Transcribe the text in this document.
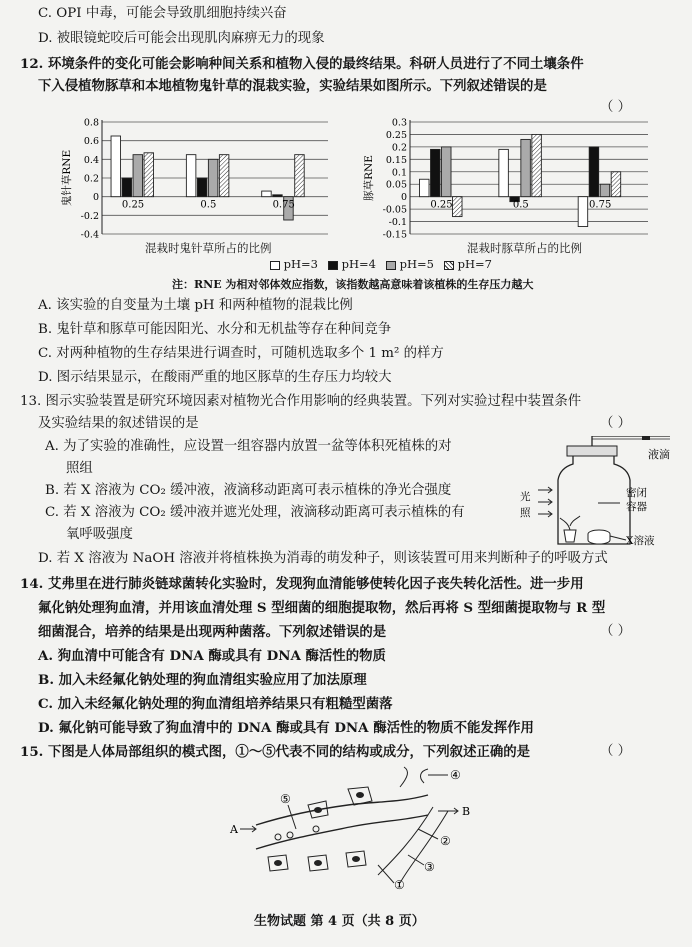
C. OPI 中毒，可能会导致肌细胞持续兴奋
D. 被眼镜蛇咬后可能会出现肌肉麻痹无力的现象
12. 环境条件的变化可能会影响种间关系和植物入侵的最终结果。科研人员进行了不同土壤条件
下入侵植物豚草和本地植物鬼针草的混栽实验，实验结果如图所示。下列叙述错误的是
（ ）
鬼针草RNE
0.8
0.6
0.4
0.2
0
-0.2
-0.4
0.25	0.5	0.75
豚草RNE
0.3
0.25
0.2
0.15
0.1
0.05
0
-0.05
-0.1
-0.15
0.25	0.5	0.75
混栽时鬼针草所占的比例	混栽时豚草所占的比例
pH=3	pH=4	pH=5	pH=7
注：RNE 为相对邻体效应指数，该指数越高意味着该植株的生存压力越大
A. 该实验的自变量为土壤 pH 和两种植物的混栽比例
B. 鬼针草和豚草可能因阳光、水分和无机盐等存在种间竞争
C. 对两种植物的生存结果进行调查时，可随机选取多个 1 m² 的样方
D. 图示结果显示，在酸雨严重的地区豚草的生存压力均较大
13. 图示实验装置是研究环境因素对植物光合作用影响的经典装置。下列对实验过程中装置条件
及实验结果的叙述错误的是	（ ）
A. 为了实验的准确性，应设置一组容器内放置一盆等体积死植株的对
照组
B. 若 X 溶液为 CO₂ 缓冲液，液滴移动距离可表示植株的净光合强度
C. 若 X 溶液为 CO₂ 缓冲液并遮光处理，液滴移动距离可表示植株的有
氧呼吸强度
D. 若 X 溶液为 NaOH 溶液并将植株换为消毒的萌发种子，则该装置可用来判断种子的呼吸方式
液滴
密闭
容器
光
照
X溶液
14. 艾弗里在进行肺炎链球菌转化实验时，发现狗血清能够使转化因子丧失转化活性。进一步用
氟化钠处理狗血清，并用该血清处理 S 型细菌的细胞提取物，然后再将 S 型细菌提取物与 R 型
细菌混合，培养的结果是出现两种菌落。下列叙述错误的是	（ ）
A. 狗血清中可能含有 DNA 酶或具有 DNA 酶活性的物质
B. 加入未经氟化钠处理的狗血清组实验应用了加法原理
C. 加入未经氟化钠处理的狗血清组培养结果只有粗糙型菌落
D. 氟化钠可能导致了狗血清中的 DNA 酶或具有 DNA 酶活性的物质不能发挥作用
15. 下图是人体局部组织的模式图，①～⑤代表不同的结构或成分，下列叙述正确的是	（ ）
A
B
①
②
③
④
⑤
生物试题 第 4 页（共 8 页）
